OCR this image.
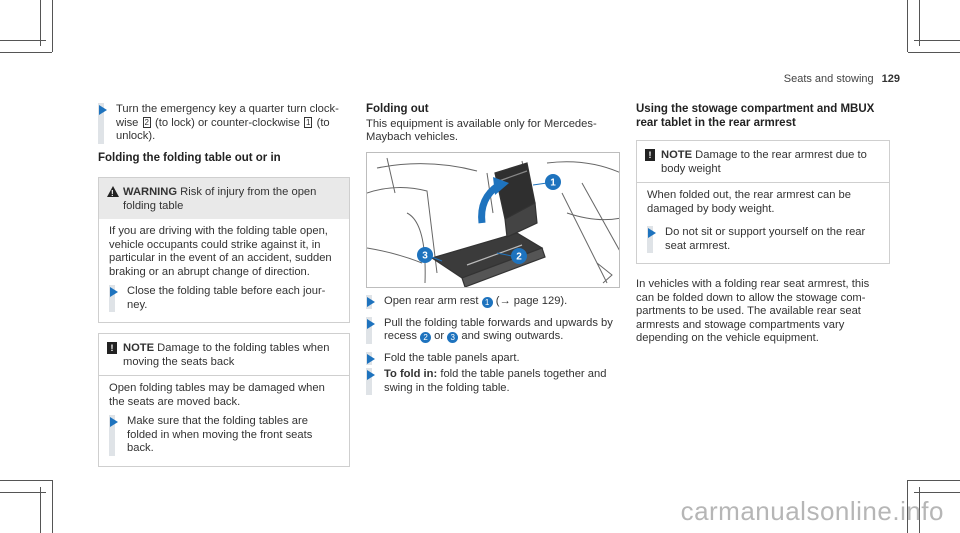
Seats and stowing 129
Turn the emergency key a quarter turn clock-wise 2 (to lock) or counter-clockwise 1 (to unlock).
Folding the folding table out or in
!
WARNING Risk of injury from the open folding table

If you are driving with the folding table open, vehicle occupants could strike against it, in particular in the event of an accident, sudden braking or an abrupt change of direction.

Close the folding table before each jour-ney.
! NOTE Damage to the folding tables when moving the seats back

Open folding tables may be damaged when the seats are moved back.

Make sure that the folding tables are folded in when moving the front seats back.
Folding out

This equipment is available only for Mercedes-Maybach vehicles.

1
2
3
Open rear arm rest 1 (→ page 129).
Pull the folding table forwards and upwards by recess 2 or 3 and swing outwards.
Fold the table panels apart.
To fold in: fold the table panels together and swing in the folding table.
Using the stowage compartment and MBUX rear tablet in the rear armrest
! NOTE Damage to the rear armrest due to body weight

When folded out, the rear armrest can be damaged by body weight.

Do not sit or support yourself on the rear seat armrest.

In vehicles with a folding rear seat armrest, this can be folded down to allow the stowage com-partments to be used. The available rear seat armrests and stowage compartments vary depending on the vehicle equipment.

carmanualsonline.info
